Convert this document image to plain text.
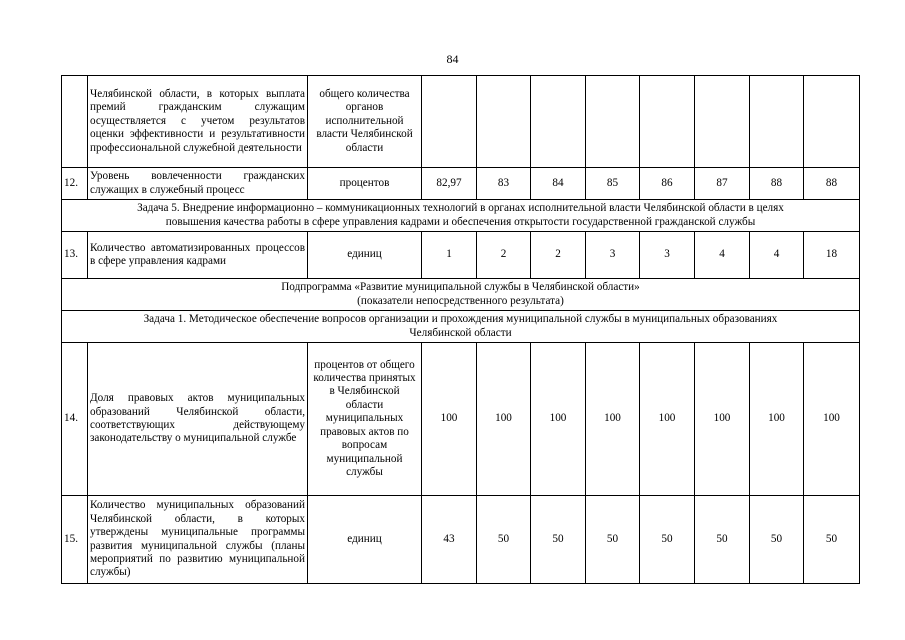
84
	Челябинской области, в которых выплата премий гражданским служащим осуществляется с учетом результатов оценки эффективности и результативности профессиональной служебной деятельности	общего количества органов исполнительной власти Челябинской области								
12.	Уровень вовлеченности гражданских служащих в служебный процесс	процентов	82,97	83	84	85	86	87	88	88

Задача 5. Внедрение информационно – коммуникационных технологий в органах исполнительной власти Челябинской области в целях
повышения качества работы в сфере управления кадрами и обеспечения открытости государственной гражданской службы										

13.	Количество автоматизированных процессов в сфере управления кадрами	единиц	1	2	2	3	3	4	4	18

Подпрограмма «Развитие муниципальной службы в Челябинской области»
(показатели непосредственного результата)										

Задача 1. Методическое обеспечение вопросов организации и прохождения муниципальной службы в муниципальных образованиях
Челябинской области										

14.	Доля правовых актов муниципальных образований Челябинской области, соответствующих действующему законодательству о муниципальной службе	процентов от общего количества принятых в Челябинской области муниципальных правовых актов по вопросам муниципальной службы	100	100	100	100	100	100	100	100
15.	Количество муниципальных образований Челябинской области, в которых утверждены муниципальные программы развития муниципальной службы (планы мероприятий по развитию муниципальной службы)	единиц	43	50	50	50	50	50	50	50
